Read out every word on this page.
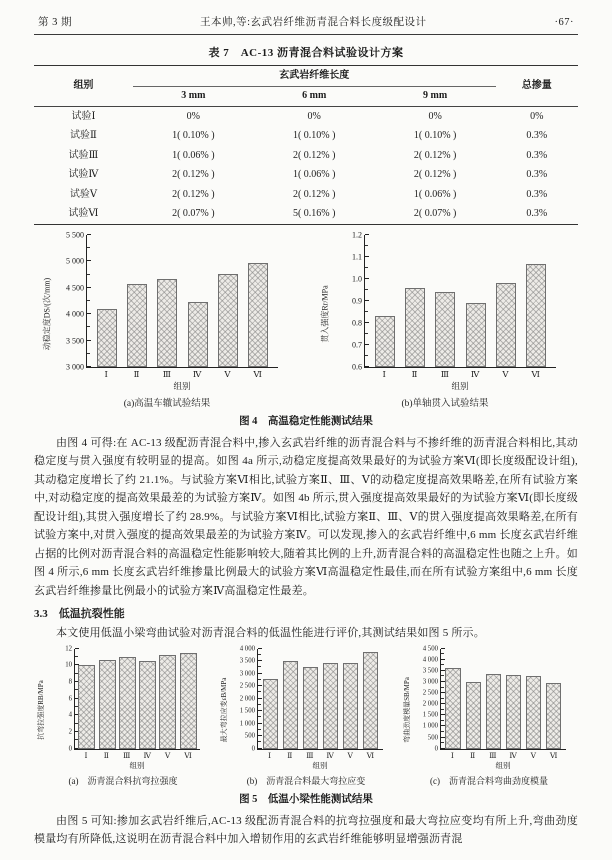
第 3 期	王本帅,等:玄武岩纤维沥青混合料长度级配设计	·67·
表 7　AC-13 沥青混合料试验设计方案
组别	玄武岩纤维长度			总掺量
	3 mm	6 mm	9 mm	
试验Ⅰ	0%	0%	0%	0%
试验Ⅱ	1( 0.10% )	1( 0.10% )	1( 0.10% )	0.3%
试验Ⅲ	1( 0.06% )	2( 0.12% )	2( 0.12% )	0.3%
试验Ⅳ	2( 0.12% )	1( 0.06% )	2( 0.12% )	0.3%
试验Ⅴ	2( 0.12% )	2( 0.12% )	1( 0.06% )	0.3%
试验Ⅵ	2( 0.07% )	5( 0.16% )	2( 0.07% )	0.3%
动稳定度DS/(次/mm)
3 000
3 500
4 000
4 500
5 000
5 500
Ⅰ	Ⅱ	Ⅲ	Ⅳ	Ⅴ	Ⅵ
组别
(a)高温车辙试验结果
贯入强度Rr/MPa
0.6
0.7
0.8
0.9
1.0
1.1
1.2
Ⅰ	Ⅱ	Ⅲ	Ⅳ	Ⅴ	Ⅵ
组别
(b)单轴贯入试验结果
图 4　高温稳定性能测试结果

由图 4 可得:在 AC-13 级配沥青混合料中,掺入玄武岩纤维的沥青混合料与不掺纤维的沥青混合料相比,其动稳定度与贯入强度有较明显的提高。如图 4a 所示,动稳定度提高效果最好的为试验方案Ⅵ(即长度级配设计组),其动稳定度增长了约 21.1%。与试验方案Ⅵ相比,试验方案Ⅱ、Ⅲ、Ⅴ的动稳定度提高效果略差,在所有试验方案中,对动稳定度的提高效果最差的为试验方案Ⅳ。如图 4b 所示,贯入强度提高效果最好的为试验方案Ⅵ(即长度级配设计组),其贯入强度增长了约 28.9%。与试验方案Ⅵ相比,试验方案Ⅱ、Ⅲ、Ⅴ的贯入强度提高效果略差,在所有试验方案中,对贯入强度的提高效果最差的为试验方案Ⅳ。可以发现,掺入的玄武岩纤维中,6 mm 长度玄武岩纤维占据的比例对沥青混合料的高温稳定性能影响较大,随着其比例的上升,沥青混合料的高温稳定性也随之上升。如图 4 所示,6 mm 长度玄武岩纤维掺量比例最大的试验方案Ⅵ高温稳定性最佳,而在所有试验方案组中,6 mm 长度玄武岩纤维掺量比例最小的试验方案Ⅳ高温稳定性最差。

3.3　低温抗裂性能

本文使用低温小梁弯曲试验对沥青混合料的低温性能进行评价,其测试结果如图 5 所示。

抗弯拉强度RB/MPa
0
2
4
6
8
10
12
Ⅰ	Ⅱ	Ⅲ	Ⅳ	Ⅴ	Ⅵ
组别
(a)　沥青混合料抗弯拉强度
最大弯拉应变εB/MPa
0
500
1 000
1 500
2 000
2 500
3 000
3 500
4 000
Ⅰ	Ⅱ	Ⅲ	Ⅳ	Ⅴ	Ⅵ
组别
(b)　沥青混合料最大弯拉应变
弯曲劲度模量SB/MPa
0
500
1 000
1 500
2 000
2 500
3 000
3 500
4 000
4 500
Ⅰ	Ⅱ	Ⅲ	Ⅳ	Ⅴ	Ⅵ
组别
(c)　沥青混合料弯曲劲度模量
图 5　低温小梁性能测试结果

由图 5 可知:掺加玄武岩纤维后,AC-13 级配沥青混合料的抗弯拉强度和最大弯拉应变均有所上升,弯曲劲度模量均有所降低,这说明在沥青混合料中加入增韧作用的玄武岩纤维能够明显增强沥青混
